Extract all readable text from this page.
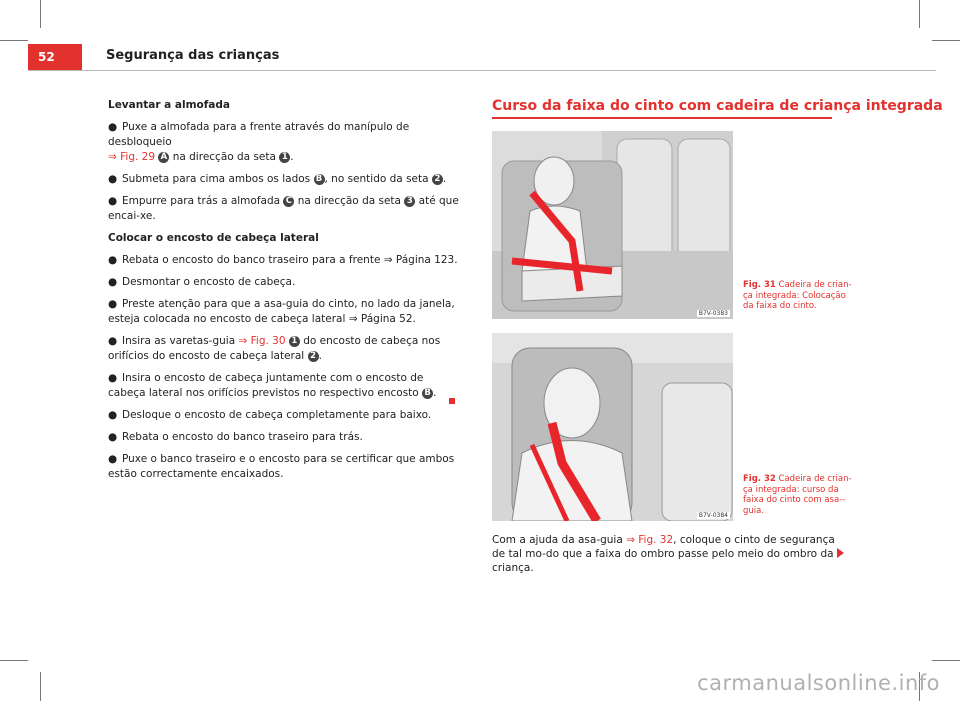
52	Segurança das crianças

Levantar a almofada

● Puxe a almofada para a frente através do manípulo de desbloqueio
⇒ Fig. 29 A na direcção da seta 1 .

● Submeta para cima ambos os lados B , no sentido da seta 2 .

● Empurre para trás a almofada C na direcção da seta 3 até que encai-xe.

Colocar o encosto de cabeça lateral

● Rebata o encosto do banco traseiro para a frente ⇒ Página 123.

● Desmontar o encosto de cabeça.

● Preste atenção para que a asa-guia do cinto, no lado da janela, esteja colocada no encosto de cabeça lateral ⇒ Página 52.

● Insira as varetas-guia ⇒ Fig. 30 1 do encosto de cabeça nos orifícios do encosto de cabeça lateral 2 .

● Insira o encosto de cabeça juntamente com o encosto de cabeça lateral nos orifícios previstos no respectivo encosto B .

● Desloque o encosto de cabeça completamente para baixo.

● Rebata o encosto do banco traseiro para trás.

● Puxe o banco traseiro e o encosto para se certificar que ambos estão correctamente encaixados.

Curso da faixa do cinto com cadeira de criança integrada
B7V-0383
Fig. 31 Cadeira de crian-ça integrada: Colocação da faixa do cinto.
B7V-0384
Fig. 32 Cadeira de crian-ça integrada: curso da faixa do cinto com asa--guia.
Com a ajuda da asa-guia ⇒ Fig. 32, coloque o cinto de segurança de tal mo-do que a faixa do ombro passe pelo meio do ombro da criança.
carmanualsonline.info
